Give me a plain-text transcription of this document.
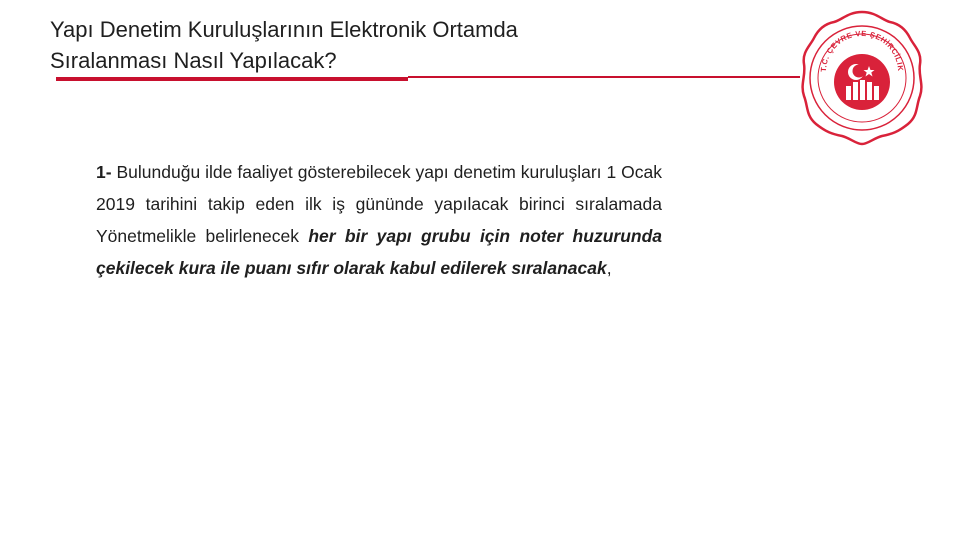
Yapı Denetim Kuruluşlarının Elektronik Ortamda
Sıralanması Nasıl Yapılacak?	T.C. ÇEVRE VE ŞEHİRCİLİK
1- Bulunduğu ilde faaliyet gösterebilecek yapı denetim kuruluşları 1 Ocak 2019 tarihini takip eden ilk iş gününde yapılacak birinci sıralamada Yönetmelikle belirlenecek her bir yapı grubu için noter huzurunda çekilecek kura ile puanı sıfır olarak kabul edilerek sıralanacak,
